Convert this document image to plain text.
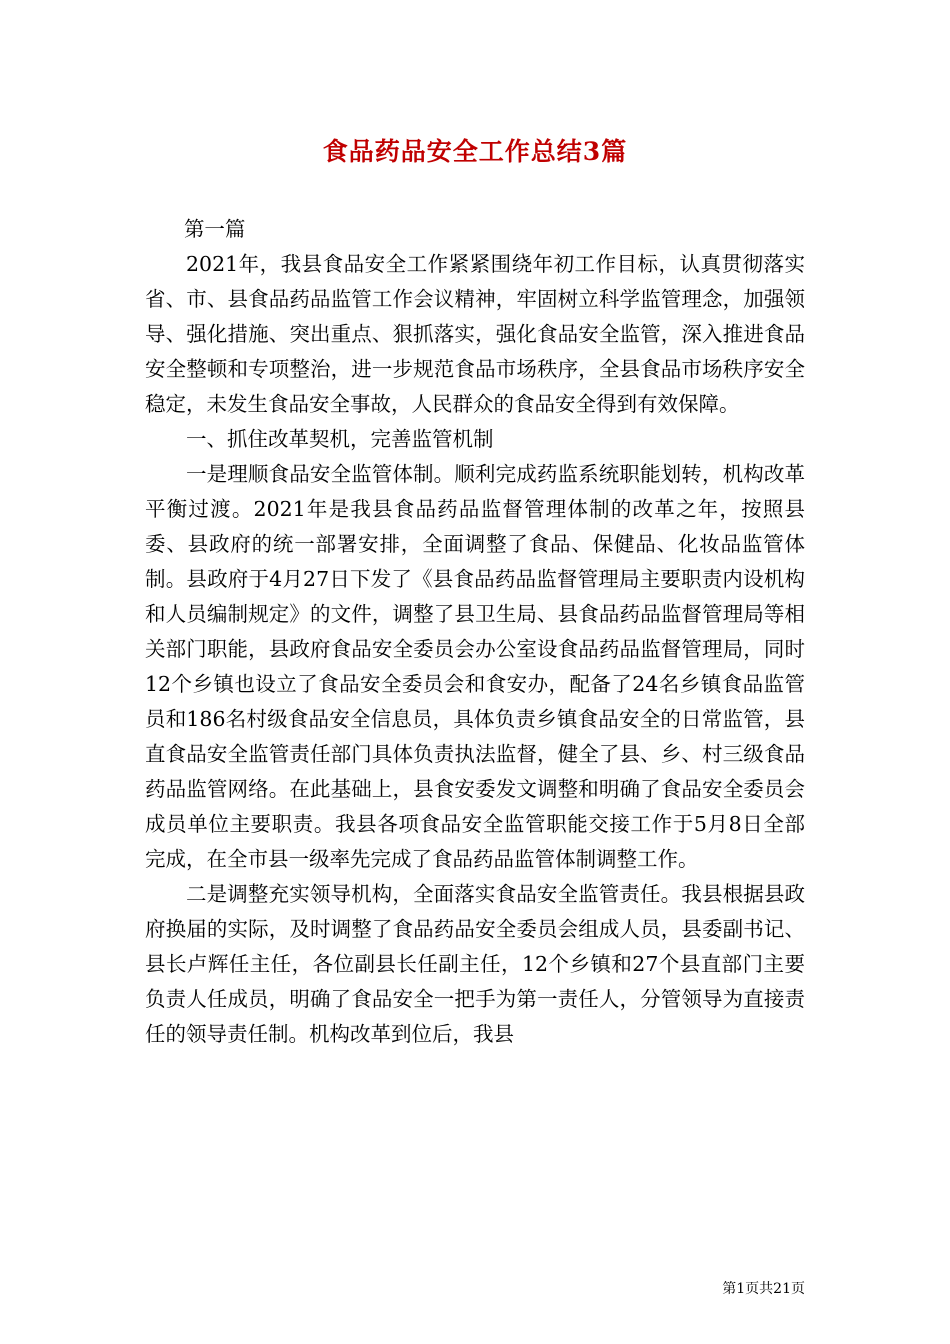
食品药品安全工作总结3篇

第一篇

2021年，我县食品安全工作紧紧围绕年初工作目标，认真贯彻落实省、市、县食品药品监管工作会议精神，牢固树立科学监管理念，加强领导、强化措施、突出重点、狠抓落实，强化食品安全监管，深入推进食品安全整顿和专项整治，进一步规范食品市场秩序，全县食品市场秩序安全稳定，未发生食品安全事故，人民群众的食品安全得到有效保障。

一、抓住改革契机，完善监管机制

一是理顺食品安全监管体制。顺利完成药监系统职能划转，机构改革平衡过渡。2021年是我县食品药品监督管理体制的改革之年，按照县委、县政府的统一部署安排，全面调整了食品、保健品、化妆品监管体制。县政府于4月27日下发了《县食品药品监督管理局主要职责内设机构和人员编制规定》的文件，调整了县卫生局、县食品药品监督管理局等相关部门职能，县政府食品安全委员会办公室设食品药品监督管理局，同时12个乡镇也设立了食品安全委员会和食安办，配备了24名乡镇食品监管员和186名村级食品安全信息员，具体负责乡镇食品安全的日常监管，县直食品安全监管责任部门具体负责执法监督，健全了县、乡、村三级食品药品监管网络。在此基础上，县食安委发文调整和明确了食品安全委员会成员单位主要职责。我县各项食品安全监管职能交接工作于5月8日全部完成，在全市县一级率先完成了食品药品监管体制调整工作。

二是调整充实领导机构，全面落实食品安全监管责任。我县根据县政府换届的实际，及时调整了食品药品安全委员会组成人员，县委副书记、县长卢辉任主任，各位副县长任副主任，12个乡镇和27个县直部门主要负责人任成员，明确了食品安全一把手为第一责任人，分管领导为直接责任的领导责任制。机构改革到位后，我县

第1页共21页
